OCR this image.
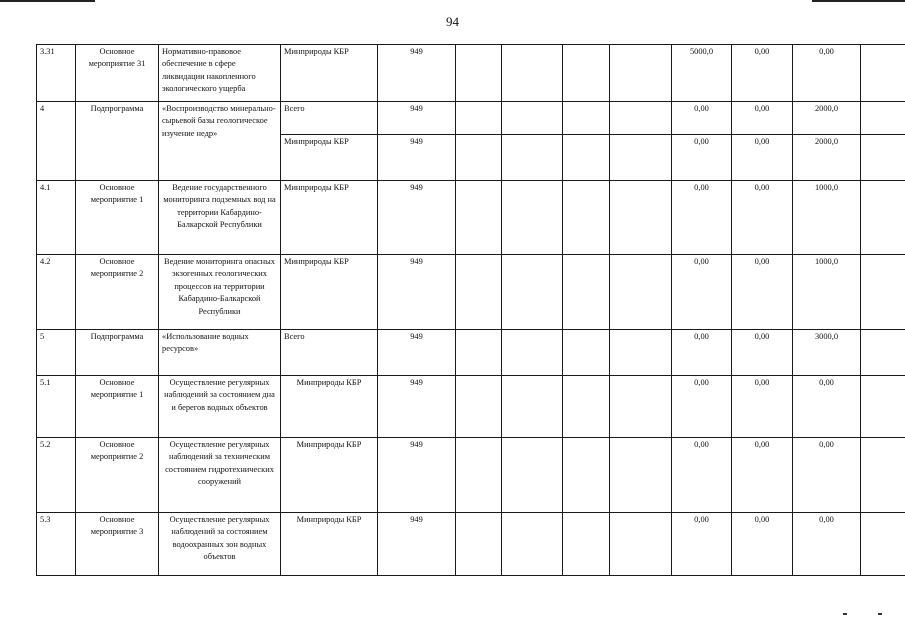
94
3.31	Основное мероприятие 31	Нормативно-правовое обеспечение в сфере ликвидации накопленного экологического ущерба	Минприроды КБР	949					5000,0	0,00	0,00	
4	Подпрограмма	«Воспроизводство минерально-сырьевой базы геологическое изучение недр»	Всего	949					0,00	0,00	2000,0	
			Минприроды КБР	949					0,00	0,00	2000,0	
4.1	Основное мероприятие 1	Ведение государственного мониторинга подземных вод на территории Кабардино-Балкарской Республики	Минприроды КБР	949					0,00	0,00	1000,0	
4.2	Основное мероприятие 2	Ведение мониторинга опасных экзогенных геологических процессов на территории Кабардино-Балкарской Республики	Минприроды КБР	949					0,00	0,00	1000,0	
5	Подпрограмма	«Использование водных ресурсов»	Всего	949					0,00	0,00	3000,0	
5.1	Основное мероприятие 1	Осуществление регулярных наблюдений за состоянием дна и берегов водных объектов	Минприроды КБР	949					0,00	0,00	0,00	
5.2	Основное мероприятие 2	Осуществление регулярных наблюдений за техническим состоянием гидротехнических сооружений	Минприроды КБР	949					0,00	0,00	0,00	
5.3	Основное мероприятие 3	Осуществление регулярных наблюдений за состоянием водоохранных зон водных объектов	Минприроды КБР	949					0,00	0,00	0,00	
